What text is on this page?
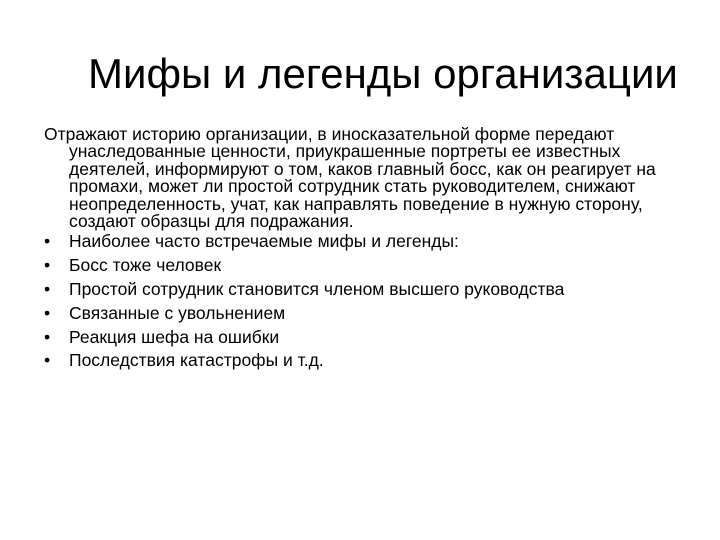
Мифы и легенды организации

Отражают историю организации, в иносказательной форме передают унаследованные ценности, приукрашенные портреты ее известных деятелей, информируют о том, каков главный босс, как он реагирует на промахи, может ли простой сотрудник стать руководителем, снижают неопределенность, учат, как направлять поведение в нужную сторону, создают образцы для подражания.

•	Наиболее часто встречаемые мифы и легенды:
•	Босс тоже человек
•	Простой сотрудник становится членом высшего руководства
•	Связанные с увольнением
•	Реакция шефа на ошибки
•	Последствия катастрофы и т.д.
